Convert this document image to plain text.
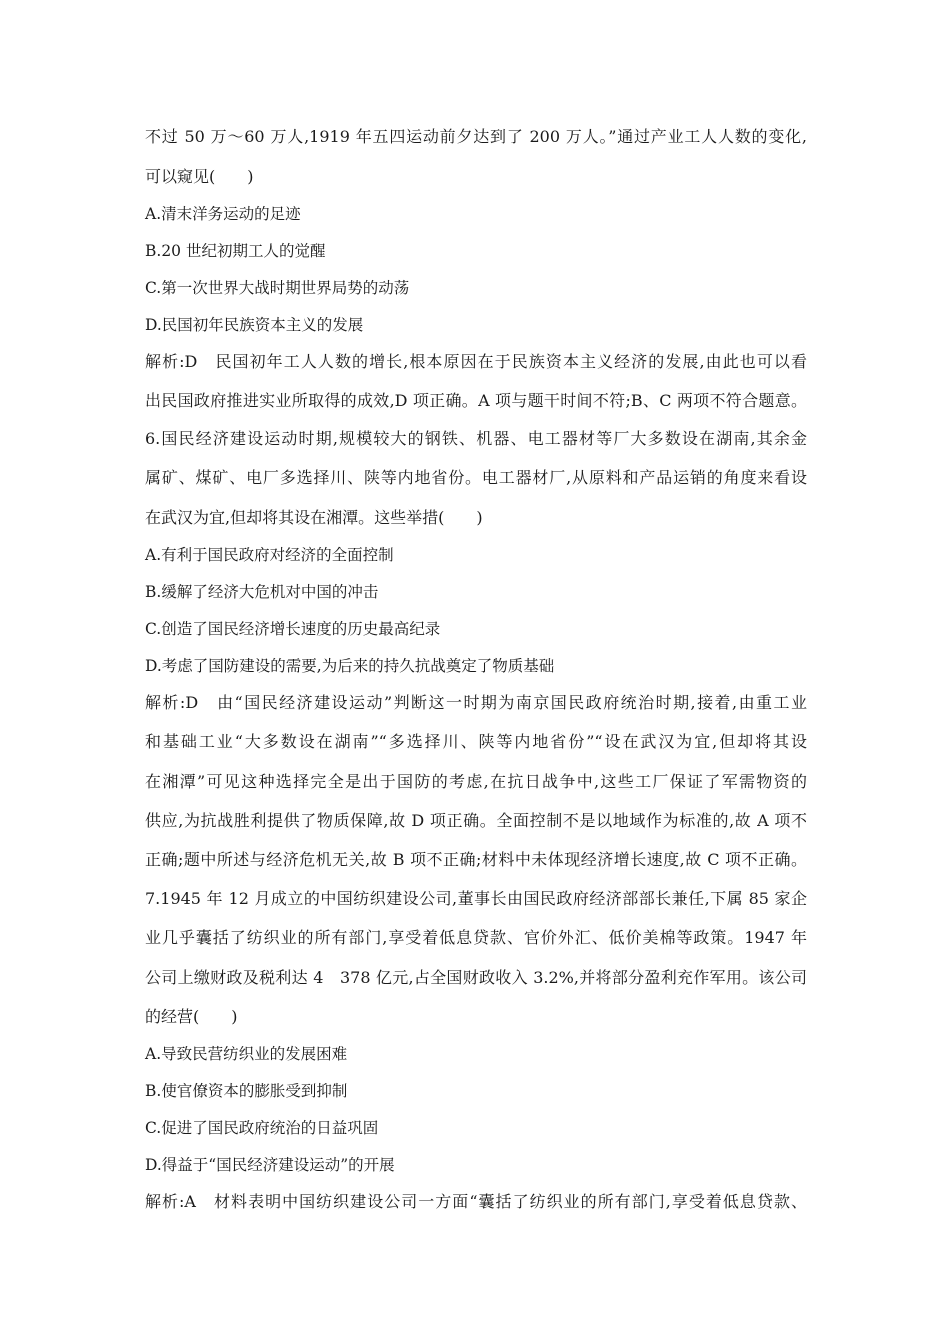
不过 50 万～60 万人,1919 年五四运动前夕达到了 200 万人。”通过产业工人人数的变化,
可以窥见(　　)
A.清末洋务运动的足迹
B.20 世纪初期工人的觉醒
C.第一次世界大战时期世界局势的动荡
D.民国初年民族资本主义的发展
解析:D　民国初年工人人数的增长,根本原因在于民族资本主义经济的发展,由此也可以看
出民国政府推进实业所取得的成效,D 项正确。A 项与题干时间不符;B、C 两项不符合题意。
6.国民经济建设运动时期,规模较大的钢铁、机器、电工器材等厂大多数设在湖南,其余金
属矿、煤矿、电厂多选择川、陕等内地省份。电工器材厂,从原料和产品运销的角度来看设
在武汉为宜,但却将其设在湘潭。这些举措(　　)
A.有利于国民政府对经济的全面控制
B.缓解了经济大危机对中国的冲击
C.创造了国民经济增长速度的历史最高纪录
D.考虑了国防建设的需要,为后来的持久抗战奠定了物质基础
解析:D　由“国民经济建设运动”判断这一时期为南京国民政府统治时期,接着,由重工业
和基础工业“大多数设在湖南”“多选择川、陕等内地省份”“设在武汉为宜,但却将其设
在湘潭”可见这种选择完全是出于国防的考虑,在抗日战争中,这些工厂保证了军需物资的
供应,为抗战胜利提供了物质保障,故 D 项正确。全面控制不是以地域作为标准的,故 A 项不
正确;题中所述与经济危机无关,故 B 项不正确;材料中未体现经济增长速度,故 C 项不正确。
7.1945 年 12 月成立的中国纺织建设公司,董事长由国民政府经济部部长兼任,下属 85 家企
业几乎囊括了纺织业的所有部门,享受着低息贷款、官价外汇、低价美棉等政策。1947 年
公司上缴财政及税利达 4　378 亿元,占全国财政收入 3.2%,并将部分盈利充作军用。该公司
的经营(　　)
A.导致民营纺织业的发展困难
B.使官僚资本的膨胀受到抑制
C.促进了国民政府统治的日益巩固
D.得益于“国民经济建设运动”的开展
解析:A　材料表明中国纺织建设公司一方面“囊括了纺织业的所有部门,享受着低息贷款、
